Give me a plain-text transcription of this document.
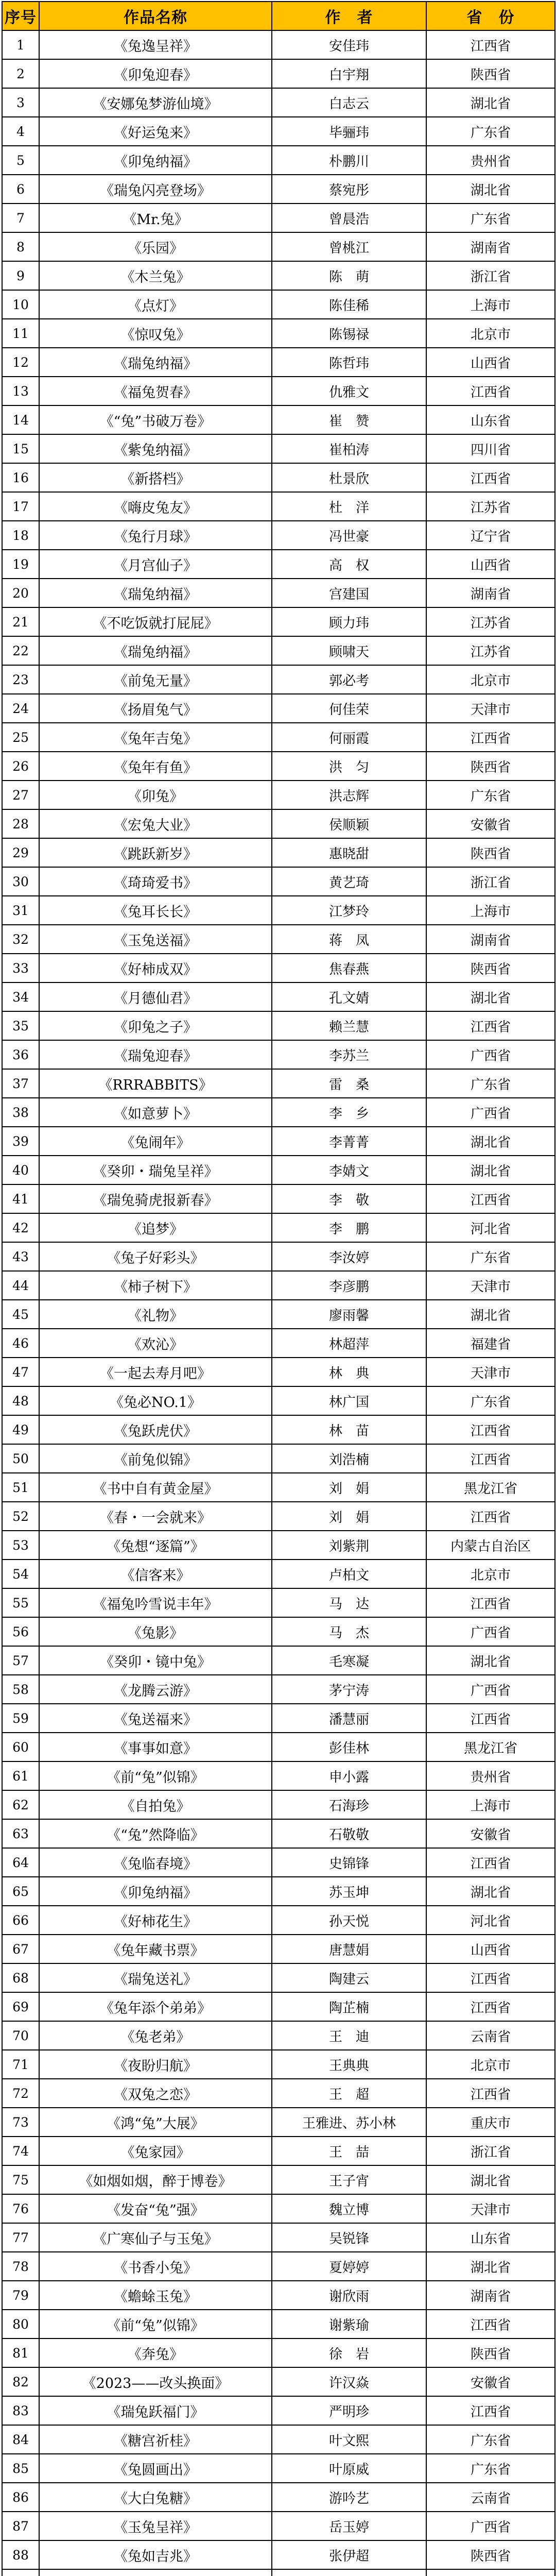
序号	作品名称	作　者	省　份
1	《兔逸呈祥》	安佳玮	江西省
2	《卯兔迎春》	白宇翔	陕西省
3	《安娜兔梦游仙境》	白志云	湖北省
4	《好运兔来》	毕骊玮	广东省
5	《卯兔纳福》	朴鹏川	贵州省
6	《瑞兔闪亮登场》	蔡宛彤	湖北省
7	《Mr.兔》	曾晨浩	广东省
8	《乐园》	曾桃江	湖南省
9	《木兰兔》	陈　萌	浙江省
10	《点灯》	陈佳稀	上海市
11	《惊叹兔》	陈锡禄	北京市
12	《瑞兔纳福》	陈哲玮	山西省
13	《福兔贺春》	仇雅文	江西省
14	《“兔”书破万卷》	崔　赞	山东省
15	《紫兔纳福》	崔柏涛	四川省
16	《新搭档》	杜景欣	江西省
17	《嗨皮兔友》	杜　洋	江苏省
18	《兔行月球》	冯世豪	辽宁省
19	《月宫仙子》	高　权	山西省
20	《瑞兔纳福》	宫建国	湖南省
21	《不吃饭就打屁屁》	顾力玮	江苏省
22	《瑞兔纳福》	顾啸天	江苏省
23	《前兔无量》	郭必考	北京市
24	《扬眉兔气》	何佳荣	天津市
25	《兔年吉兔》	何丽霞	江西省
26	《兔年有鱼》	洪　匀	陕西省
27	《卯兔》	洪志辉	广东省
28	《宏兔大业》	侯顺颖	安徽省
29	《跳跃新岁》	惠晓甜	陕西省
30	《琦琦爱书》	黄艺琦	浙江省
31	《兔耳长长》	江梦玲	上海市
32	《玉兔送福》	蒋　凤	湖南省
33	《好柿成双》	焦春燕	陕西省
34	《月德仙君》	孔文婧	湖北省
35	《卯兔之子》	赖兰慧	江西省
36	《瑞兔迎春》	李苏兰	广西省
37	《RRRABBITS》	雷　桑	广东省
38	《如意萝卜》	李　乡	广西省
39	《兔闹年》	李菁菁	湖北省
40	《癸卯・瑞兔呈祥》	李婧文	湖北省
41	《瑞兔骑虎报新春》	李　敬	江西省
42	《追梦》	李　鹏	河北省
43	《兔子好彩头》	李汝婷	广东省
44	《柿子树下》	李彦鹏	天津市
45	《礼物》	廖雨馨	湖北省
46	《欢沁》	林超萍	福建省
47	《一起去寿月吧》	林　典	天津市
48	《兔必NO.1》	林广国	广东省
49	《兔跃虎伏》	林　苗	江西省
50	《前兔似锦》	刘浩楠	江西省
51	《书中自有黄金屋》	刘　娟	黑龙江省
52	《春・一会就来》	刘　娟	江西省
53	《兔想“逐篇”》	刘紫荆	内蒙古自治区
54	《信客来》	卢柏文	北京市
55	《福兔吟雪说丰年》	马　达	江西省
56	《兔影》	马　杰	广西省
57	《癸卯・镜中兔》	毛寒凝	湖北省
58	《龙腾云游》	茅宁涛	广西省
59	《兔送福来》	潘慧丽	江西省
60	《事事如意》	彭佳林	黑龙江省
61	《前“兔”似锦》	申小露	贵州省
62	《自拍兔》	石海珍	上海市
63	《“兔”然降临》	石敬敬	安徽省
64	《兔临春境》	史锦锋	江西省
65	《卯兔纳福》	苏玉坤	湖北省
66	《好柿花生》	孙天悦	河北省
67	《兔年藏书票》	唐慧娟	山西省
68	《瑞兔送礼》	陶建云	江西省
69	《兔年添个弟弟》	陶芷楠	江西省
70	《兔老弟》	王　迪	云南省
71	《夜盼归航》	王典典	北京市
72	《双兔之恋》	王　超	江西省
73	《鸿“兔”大展》	王雅进、苏小林	重庆市
74	《兔家园》	王　喆	浙江省
75	《如烟如烟，醉于博卷》	王子宵	湖北省
76	《发奋“兔”强》	魏立博	天津市
77	《广寒仙子与玉兔》	吴锐锋	山东省
78	《书香小兔》	夏婷婷	湖北省
79	《蟾蜍玉兔》	谢欣雨	湖南省
80	《前“兔”似锦》	谢紫瑜	江西省
81	《奔兔》	徐　岩	陕西省
82	《2023——改头换面》	许汉焱	安徽省
83	《瑞兔跃福门》	严明珍	江西省
84	《糖宫祈桂》	叶文熙	广东省
85	《兔圆画出》	叶原威	广东省
86	《大白兔糖》	游吟艺	云南省
87	《玉兔呈祥》	岳玉婷	广西省
88	《兔如吉兆》	张伊超	陕西省
